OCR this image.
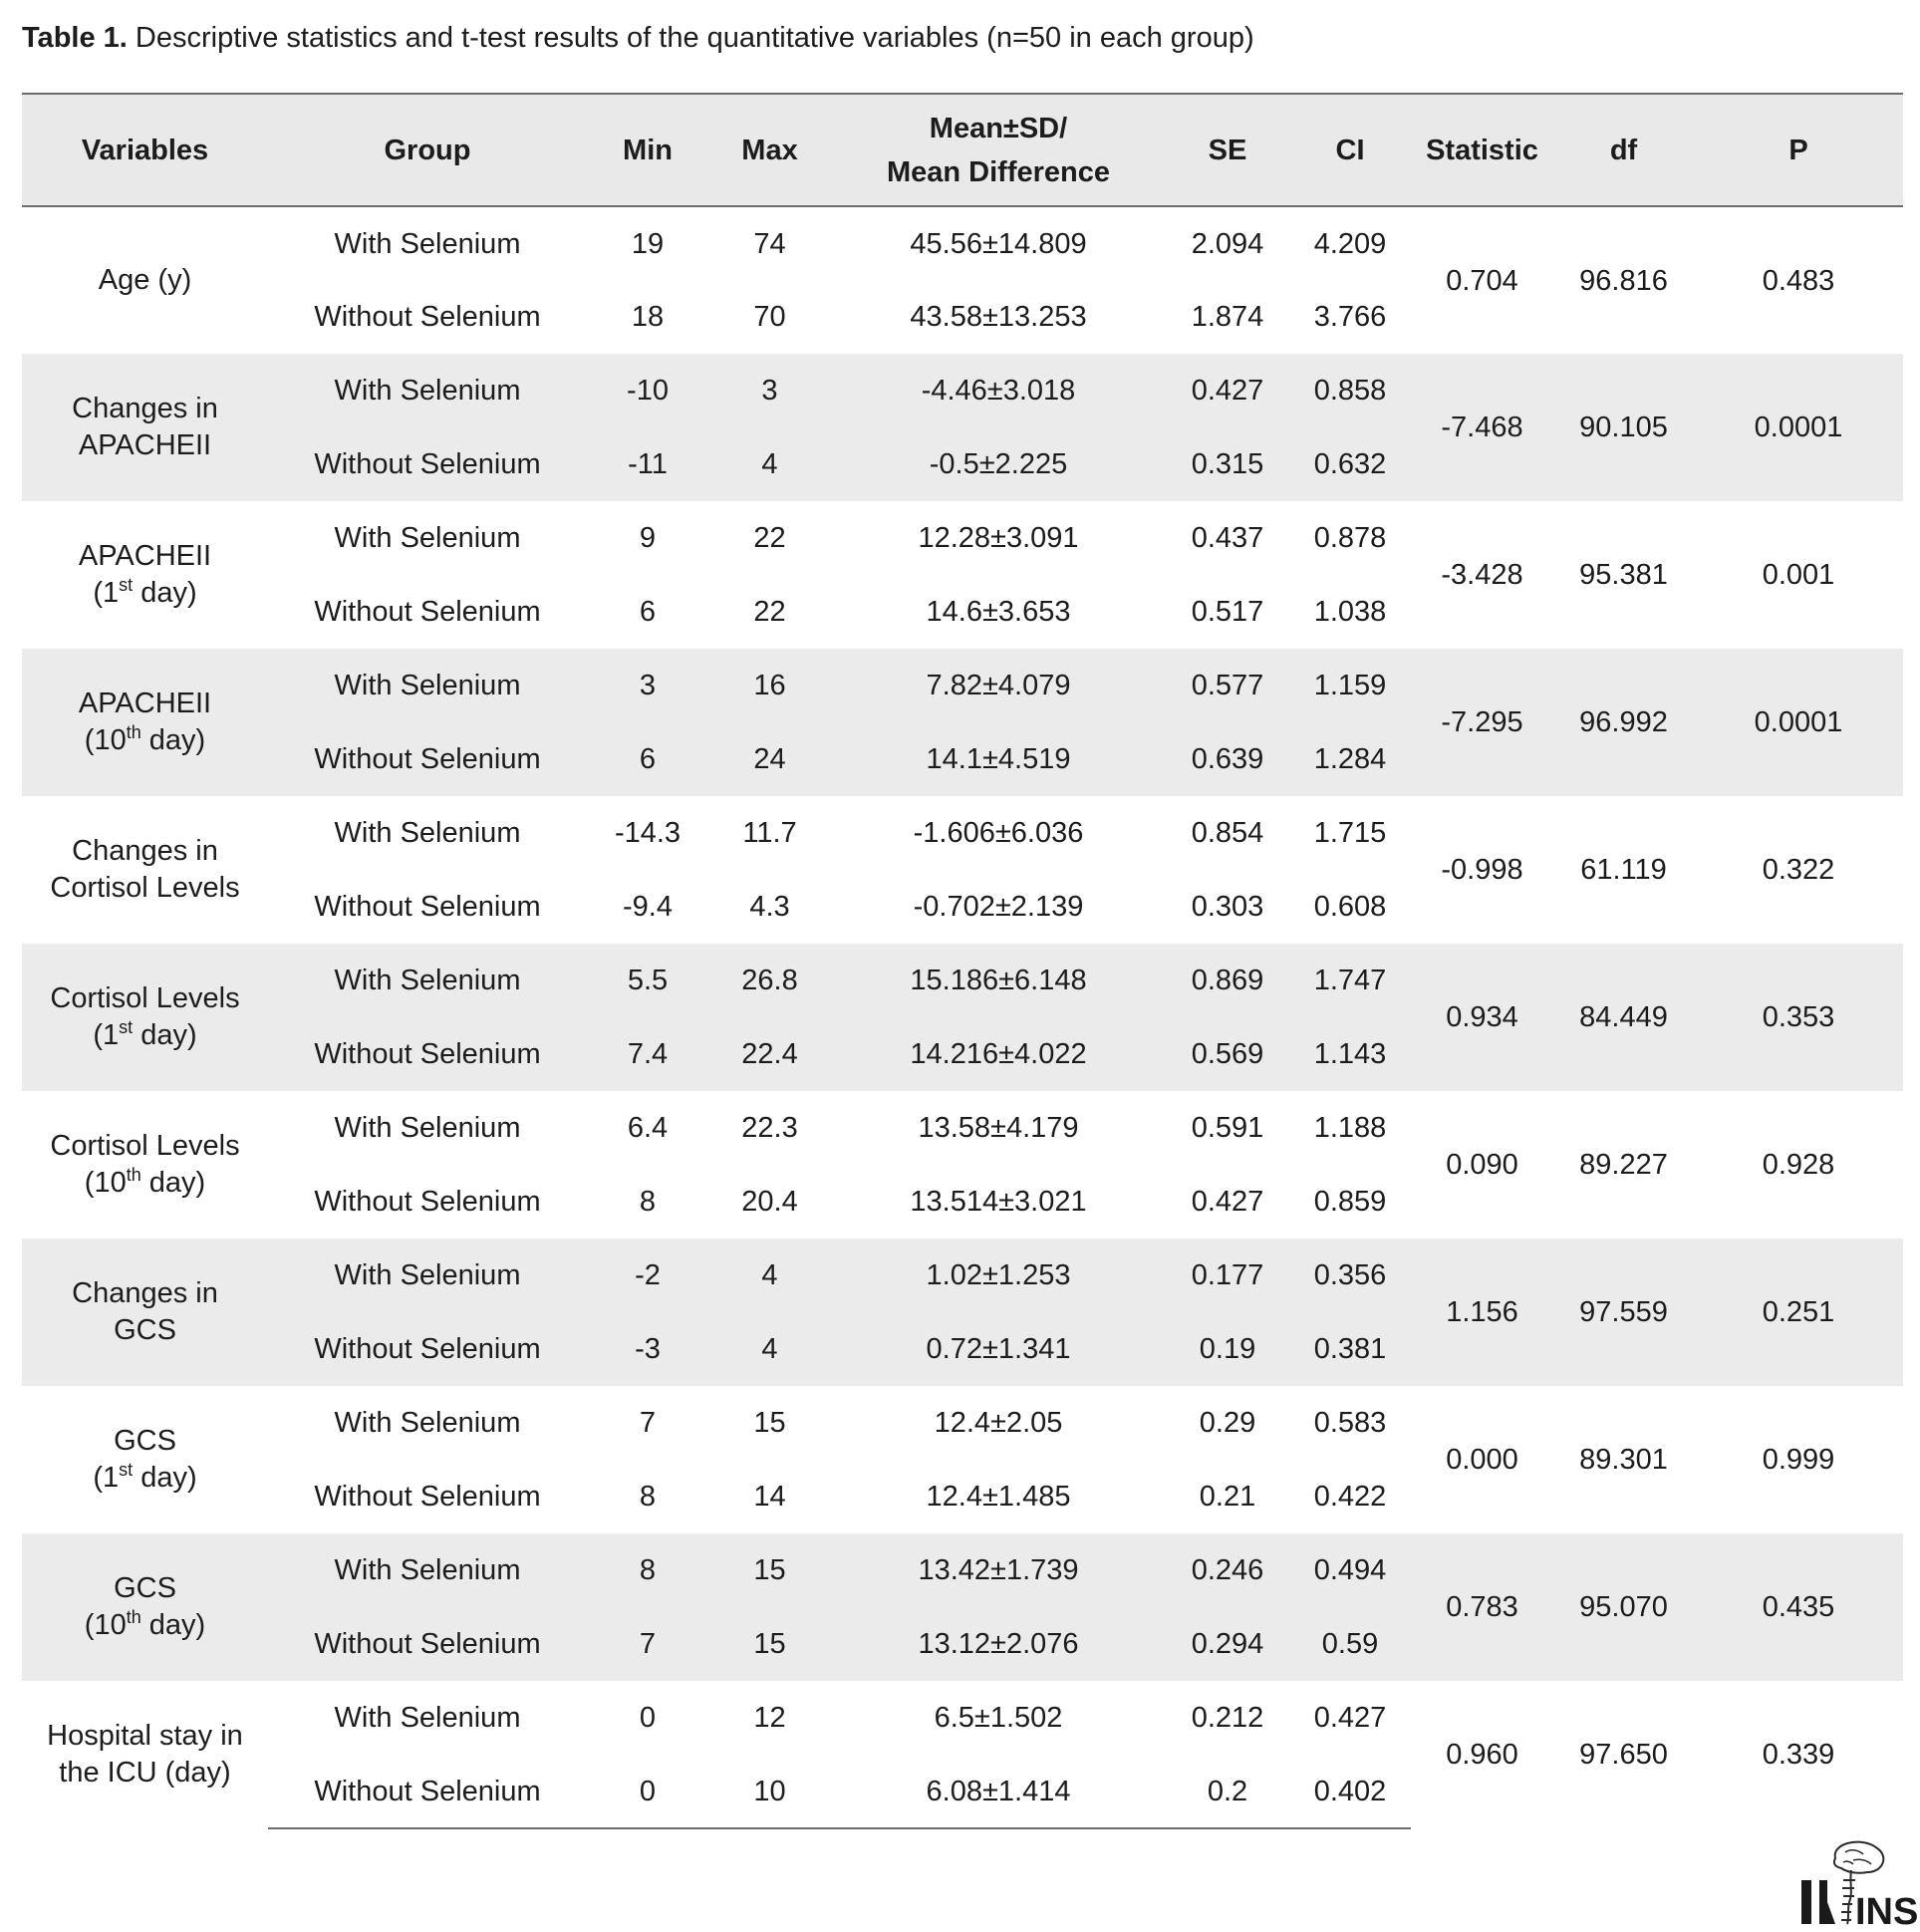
Table 1. Descriptive statistics and t-test results of the quantitative variables (n=50 in each group)
Variables	Group	Min	Max	Mean±SD/
Mean Difference	SE	CI	Statistic	df	P

Age (y)	With Selenium	19	74	45.56±14.809	2.094	4.209	0.704	96.816	0.483
	Without Selenium	18	70	43.58±13.253	1.874	3.766			

Changes in
APACHEII	With Selenium	-10	3	-4.46±3.018	0.427	0.858	-7.468	90.105	0.0001
	Without Selenium	-11	4	-0.5±2.225	0.315	0.632			

APACHEII
(1st day)	With Selenium	9	22	12.28±3.091	0.437	0.878	-3.428	95.381	0.001
	Without Selenium	6	22	14.6±3.653	0.517	1.038			

APACHEII
(10th day)	With Selenium	3	16	7.82±4.079	0.577	1.159	-7.295	96.992	0.0001
	Without Selenium	6	24	14.1±4.519	0.639	1.284			

Changes in
Cortisol Levels	With Selenium	-14.3	11.7	-1.606±6.036	0.854	1.715	-0.998	61.119	0.322
	Without Selenium	-9.4	4.3	-0.702±2.139	0.303	0.608			

Cortisol Levels
(1st day)	With Selenium	5.5	26.8	15.186±6.148	0.869	1.747	0.934	84.449	0.353
	Without Selenium	7.4	22.4	14.216±4.022	0.569	1.143			

Cortisol Levels
(10th day)	With Selenium	6.4	22.3	13.58±4.179	0.591	1.188	0.090	89.227	0.928
	Without Selenium	8	20.4	13.514±3.021	0.427	0.859			

Changes in
GCS	With Selenium	-2	4	1.02±1.253	0.177	0.356	1.156	97.559	0.251
	Without Selenium	-3	4	0.72±1.341	0.19	0.381			

GCS
(1st day)	With Selenium	7	15	12.4±2.05	0.29	0.583	0.000	89.301	0.999
	Without Selenium	8	14	12.4±1.485	0.21	0.422			

GCS
(10th day)	With Selenium	8	15	13.42±1.739	0.246	0.494	0.783	95.070	0.435
	Without Selenium	7	15	13.12±2.076	0.294	0.59			

Hospital stay in
the ICU (day)	With Selenium	0	12	6.5±1.502	0.212	0.427	0.960	97.650	0.339
	Without Selenium	0	10	6.08±1.414	0.2	0.402			
INS
